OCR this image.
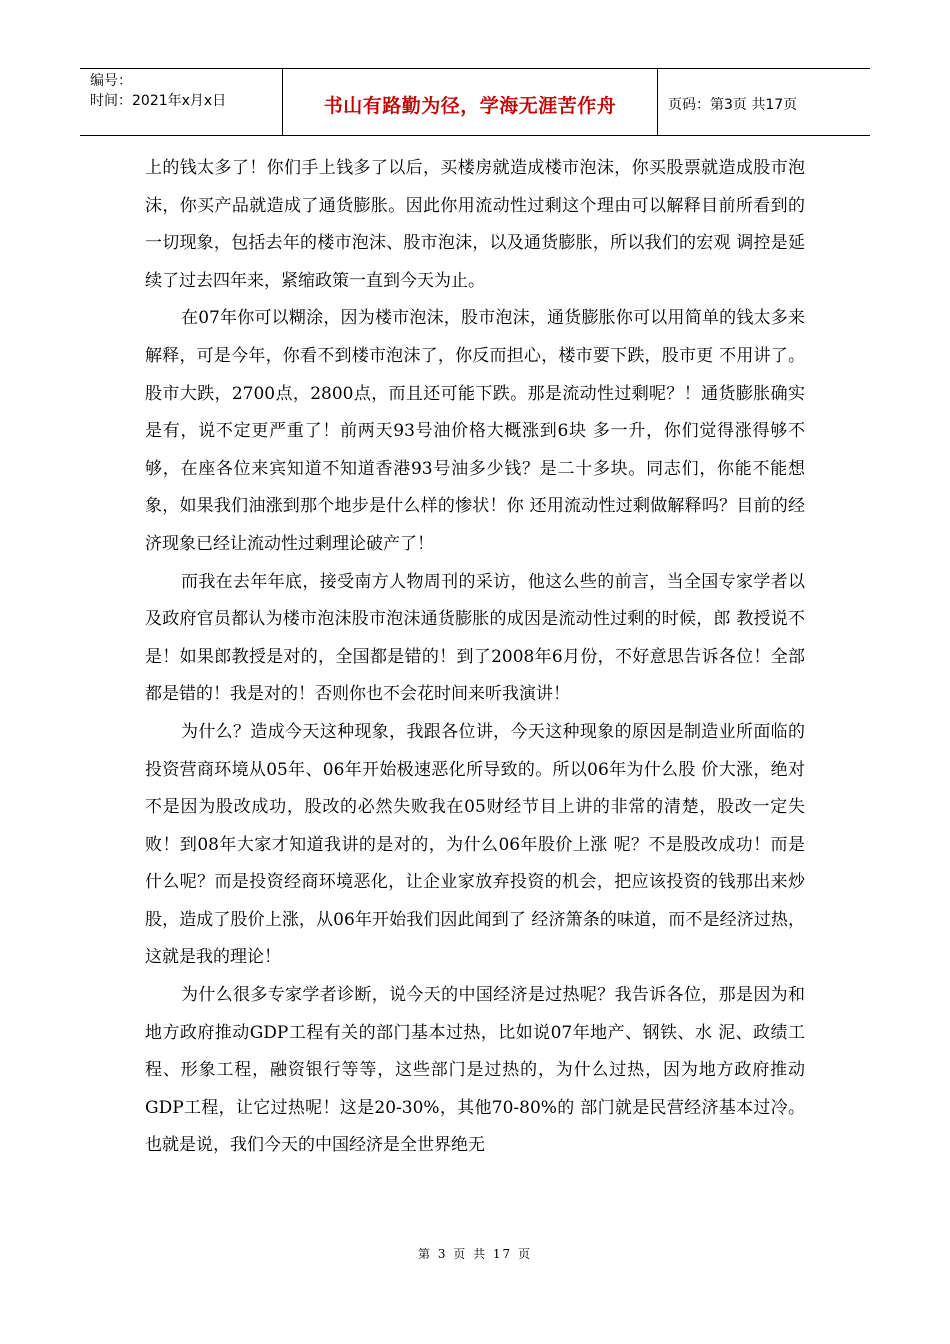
编号：
时间：2021年x月x日	书山有路勤为径，学海无涯苦作舟	页码：第3页 共17页

上的钱太多了！你们手上钱多了以后，买楼房就造成楼市泡沫，你买股票就造成股市泡 沫，你买产品就造成了通货膨胀。因此你用流动性过剩这个理由可以解释目前所看到的一切现象，包括去年的楼市泡沫、股市泡沫，以及通货膨胀，所以我们的宏观 调控是延续了过去四年来，紧缩政策一直到今天为止。

在07年你可以糊涂，因为楼市泡沫，股市泡沫，通货膨胀你可以用简单的钱太多来解释，可是今年，你看不到楼市泡沫了，你反而担心，楼市要下跌，股市更 不用讲了。股市大跌，2700点，2800点，而且还可能下跌。那是流动性过剩呢？！通货膨胀确实是有，说不定更严重了！前两天93号油价格大概涨到6块 多一升，你们觉得涨得够不够，在座各位来宾知道不知道香港93号油多少钱？是二十多块。同志们，你能不能想象，如果我们油涨到那个地步是什么样的惨状！你 还用流动性过剩做解释吗？目前的经济现象已经让流动性过剩理论破产了！

而我在去年年底，接受南方人物周刊的采访，他这么些的前言，当全国专家学者以及政府官员都认为楼市泡沫股市泡沫通货膨胀的成因是流动性过剩的时候，郎 教授说不是！如果郎教授是对的，全国都是错的！到了2008年6月份，不好意思告诉各位！全部都是错的！我是对的！否则你也不会花时间来听我演讲！

为什么？造成今天这种现象，我跟各位讲，今天这种现象的原因是制造业所面临的投资营商环境从05年、06年开始极速恶化所导致的。所以06年为什么股 价大涨，绝对不是因为股改成功，股改的必然失败我在05财经节目上讲的非常的清楚，股改一定失败！到08年大家才知道我讲的是对的，为什么06年股价上涨 呢？不是股改成功！而是什么呢？而是投资经商环境恶化，让企业家放弃投资的机会，把应该投资的钱那出来炒股，造成了股价上涨，从06年开始我们因此闻到了 经济箫条的味道，而不是经济过热，这就是我的理论！

为什么很多专家学者诊断，说今天的中国经济是过热呢？我告诉各位，那是因为和地方政府推动GDP工程有关的部门基本过热，比如说07年地产、钢铁、水 泥、政绩工程、形象工程，融资银行等等，这些部门是过热的，为什么过热，因为地方政府推动GDP工程，让它过热呢！这是20-30%，其他70-80%的 部门就是民营经济基本过冷。也就是说，我们今天的中国经济是全世界绝无

第 3 页 共 17 页
